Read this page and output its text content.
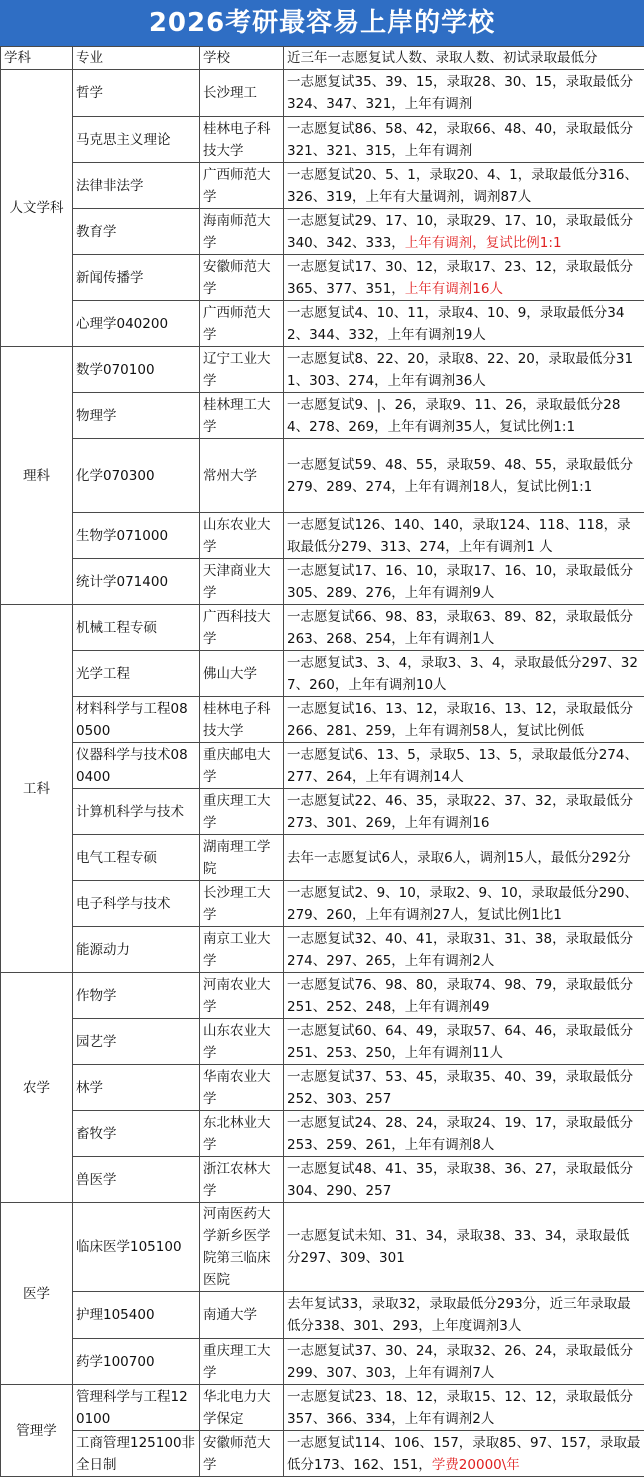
2026考研最容易上岸的学校
学科	专业	学校	近三年一志愿复试人数、录取人数、初试录取最低分
人文学科	哲学	长沙理工	一志愿复试35、39、15，录取28、30、15，录取最低分324、347、321，上年有调剂
	马克思主义理论	桂林电子科技大学	一志愿复试86、58、42，录取66、48、40，录取最低分321、321、315，上年有调剂
	法律非法学	广西师范大学	一志愿复试20、5、1，录取20、4、1，录取最低分316、326、319，上年有大量调剂，调剂87人
	教育学	海南师范大学	一志愿复试29、17、10，录取29、17、10，录取最低分340、342、333，上年有调剂，复试比例1:1
	新闻传播学	安徽师范大学	一志愿复试17、30、12，录取17、23、12，录取最低分365、377、351，上年有调剂16人
	心理学040200	广西师范大学	一志愿复试4、10、11，录取4、10、9，录取最低分342、344、332，上年有调剂19人
理科	数学070100	辽宁工业大学	一志愿复试8、22、20，录取8、22、20，录取最低分311、303、274，上年有调剂36人
	物理学	桂林理工大学	一志愿复试9、|、26，录取9、11、26，录取最低分284、278、269，上年有调剂35人，复试比例1:1
	化学070300	常州大学	一志愿复试59、48、55，录取59、48、55，录取最低分279、289、274，上年有调剂18人，复试比例1:1
	生物学071000	山东农业大学	一志愿复试126、140、140，录取124、118、118，录取最低分279、313、274，上年有调剂1 人
	统计学071400	天津商业大学	一志愿复试17、16、10，录取17、16、10，录取最低分305、289、276，上年有调剂9人
工科	机械工程专硕	广西科技大学	一志愿复试66、98、83，录取63、89、82，录取最低分263、268、254，上年有调剂1人
	光学工程	佛山大学	一志愿复试3、3、4，录取3、3、4，录取最低分297、327、260，上年有调剂10人
	材料科学与工程080500	桂林电子科技大学	一志愿复试16、13、12，录取16、13、12，录取最低分266、281、259，上年有调剂58人，复试比例低
	仪器科学与技术080400	重庆邮电大学	一志愿复试6、13、5，录取5、13、5，录取最低分274、277、264，上年有调剂14人
	计算机科学与技术	重庆理工大学	一志愿复试22、46、35，录取22、37、32，录取最低分273、301、269，上年有调剂16
	电气工程专硕	湖南理工学院	去年一志愿复试6人，录取6人，调剂15人，最低分292分
	电子科学与技术	长沙理工大学	一志愿复试2、9、10，录取2、9、10，录取最低分290、279、260，上年有调剂27人，复试比例1比1
	能源动力	南京工业大学	一志愿复试32、40、41，录取31、31、38，录取最低分274、297、265，上年有调剂2人
农学	作物学	河南农业大学	一志愿复试76、98、80，录取74、98、79，录取最低分251、252、248，上年有调剂49
	园艺学	山东农业大学	一志愿复试60、64、49，录取57、64、46，录取最低分251、253、250，上年有调剂11人
	林学	华南农业大学	一志愿复试37、53、45，录取35、40、39，录取最低分252、303、257
	畜牧学	东北林业大学	一志愿复试24、28、24，录取24、19、17，录取最低分253、259、261，上年有调剂8人
	兽医学	浙江农林大学	一志愿复试48、41、35，录取38、36、27，录取最低分304、290、257
医学	临床医学105100	河南医药大学新乡医学院第三临床医院	一志愿复试未知、31、34，录取38、33、34，录取最低分297、309、301
	护理105400	南通大学	去年复试33，录取32，录取最低分293分，近三年录取最低分338、301、293，上年度调剂3人
	药学100700	重庆理工大学	一志愿复试37、30、24，录取32、26、24，录取最低分299、307、303，上年有调剂7人
管理学	管理科学与工程120100	华北电力大学保定	一志愿复试23、18、12，录取15、12、12，录取最低分357、366、334，上年有调剂2人
	工商管理125100非全日制	安徽师范大学	一志愿复试114、106、157，录取85、97、157，录取最低分173、162、151，学费20000\年
